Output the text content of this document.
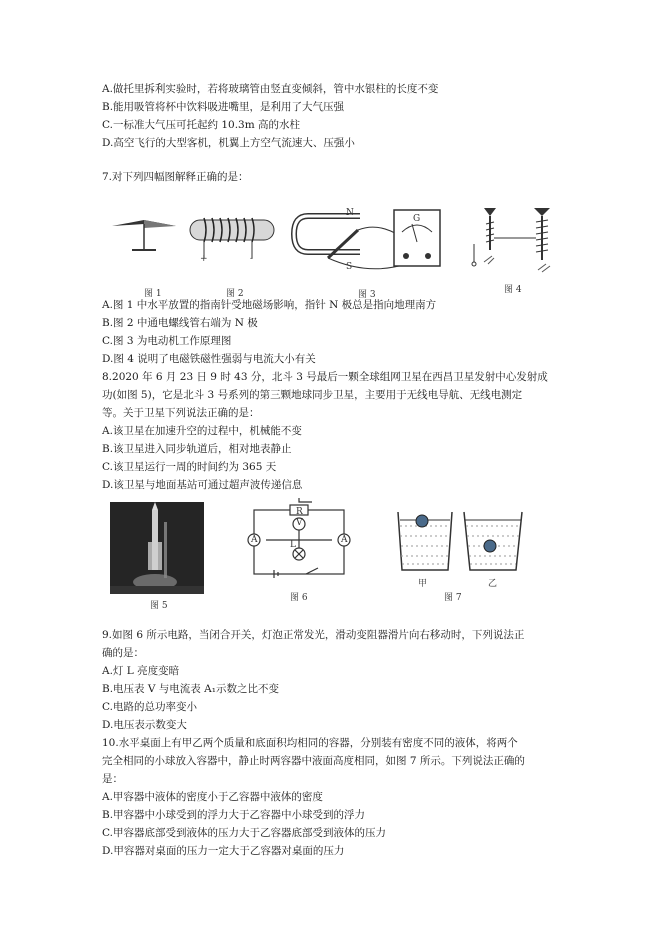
A.做托里拆利实验时，若将玻璃管由竖直变倾斜，管中水银柱的长度不变
B.能用吸管将杯中饮料吸进嘴里，是利用了大气压强
C.一标准大气压可托起约 10.3m 高的水柱
D.高空飞行的大型客机，机翼上方空气流速大、压强小
7.对下列四幅图解释正确的是：
图 1
+	-
图 2
N
S
G
图 3	图 4
A.图 1 中水平放置的指南针受地磁场影响，指针 N 极总是指向地理南方
B.图 2 中通电螺线管右端为 N 极
C.图 3 为电动机工作原理图
D.图 4 说明了电磁铁磁性强弱与电流大小有关
8.2020 年 6 月 23 日 9 时 43 分，北斗 3 号最后一颗全球组网卫星在西昌卫星发射中心发射成
功(如图 5)，它是北斗 3 号系列的第三颗地球同步卫星，主要用于无线电导航、无线电测定
等。关于卫星下列说法正确的是：
A.该卫星在加速升空的过程中，机械能不变
B.该卫星进入同步轨道后，相对地表静止
C.该卫星运行一周的时间约为 365 天
D.该卫星与地面基站可通过超声波传递信息
图 5
R
V
A	A
L
图 6
甲	乙
图 7
9.如图 6 所示电路，当闭合开关，灯泡正常发光，滑动变阻器滑片向右移动时，下列说法正
确的是：
A.灯 L 亮度变暗
B.电压表 V 与电流表 A₁示数之比不变
C.电路的总功率变小
D.电压表示数变大
10.水平桌面上有甲乙两个质量和底面积均相同的容器，分别装有密度不同的液体，将两个
完全相同的小球放入容器中，静止时两容器中液面高度相同，如图 7 所示。下列说法正确的
是：
A.甲容器中液体的密度小于乙容器中液体的密度
B.甲容器中小球受到的浮力大于乙容器中小球受到的浮力
C.甲容器底部受到液体的压力大于乙容器底部受到液体的压力
D.甲容器对桌面的压力一定大于乙容器对桌面的压力
